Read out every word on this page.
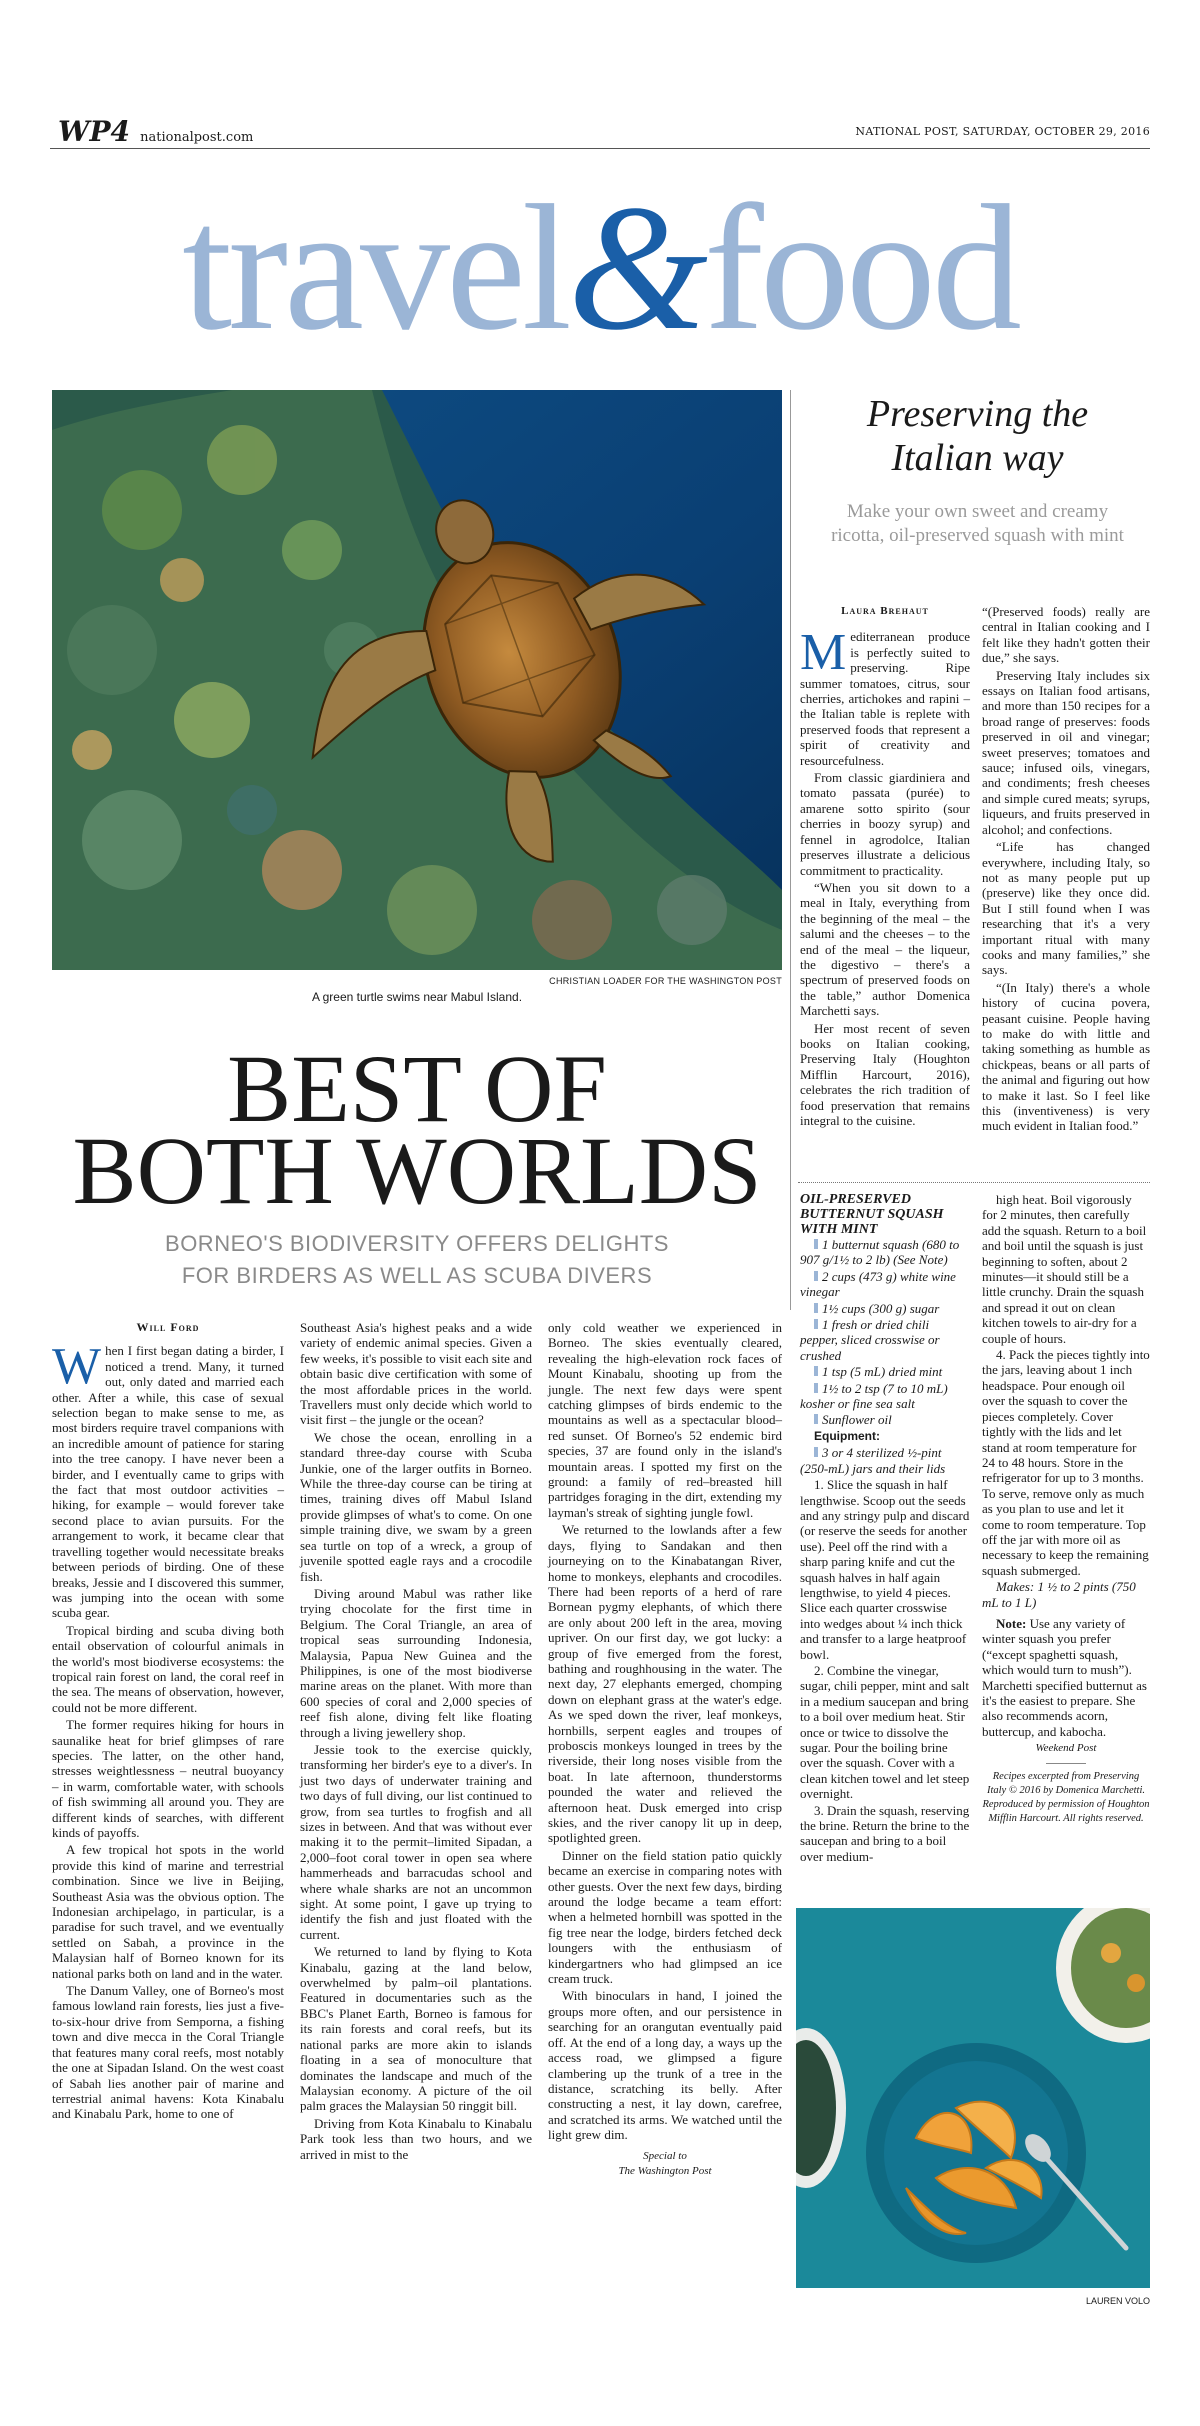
WP4 nationalpost.com	NATIONAL POST, SATURDAY, OCTOBER 29, 2016
travel&food
CHRISTIAN LOADER FOR THE WASHINGTON POST
A green turtle swims near Mabul Island.
BEST OF
BOTH WORLDS
BORNEO'S BIODIVERSITY OFFERS DELIGHTS
FOR BIRDERS AS WELL AS SCUBA DIVERS
Will Ford
W hen I first began dating a birder, I noticed a trend. Many, it turned out, only dated and married each other. After a while, this case of sexual selection began to make sense to me, as most birders require travel companions with an incredible amount of patience for staring into the tree canopy. I have never been a birder, and I eventually came to grips with the fact that most outdoor activities – hiking, for example – would forever take second place to avian pursuits. For the arrangement to work, it became clear that travelling together would necessitate breaks between periods of birding. One of these breaks, Jessie and I discovered this summer, was jumping into the ocean with some scuba gear.

Tropical birding and scuba diving both entail observation of colourful animals in the world's most biodiverse ecosystems: the tropical rain forest on land, the coral reef in the sea. The means of observation, however, could not be more different.

The former requires hiking for hours in saunalike heat for brief glimpses of rare species. The latter, on the other hand, stresses weightlessness – neutral buoyancy – in warm, comfortable water, with schools of fish swimming all around you. They are different kinds of searches, with different kinds of payoffs.

A few tropical hot spots in the world provide this kind of marine and terrestrial combination. Since we live in Beijing, Southeast Asia was the obvious option. The Indonesian archipelago, in particular, is a paradise for such travel, and we eventually settled on Sabah, a province in the Malaysian half of Borneo known for its national parks both on land and in the water.

The Danum Valley, one of Borneo's most famous lowland rain forests, lies just a five-to-six-hour drive from Semporna, a fishing town and dive mecca in the Coral Triangle that features many coral reefs, most notably the one at Sipadan Island. On the west coast of Sabah lies another pair of marine and terrestrial animal havens: Kota Kinabalu and Kinabalu Park, home to one of

Southeast Asia's highest peaks and a wide variety of endemic animal species. Given a few weeks, it's possible to visit each site and obtain basic dive certification with some of the most affordable prices in the world. Travellers must only decide which world to visit first – the jungle or the ocean?

We chose the ocean, enrolling in a standard three-day course with Scuba Junkie, one of the larger outfits in Borneo. While the three-day course can be tiring at times, training dives off Mabul Island provide glimpses of what's to come. On one simple training dive, we swam by a green sea turtle on top of a wreck, a group of juvenile spotted eagle rays and a crocodile fish.

Diving around Mabul was rather like trying chocolate for the first time in Belgium. The Coral Triangle, an area of tropical seas surrounding Indonesia, Malaysia, Papua New Guinea and the Philippines, is one of the most biodiverse marine areas on the planet. With more than 600 species of coral and 2,000 species of reef fish alone, diving felt like floating through a living jewellery shop.

Jessie took to the exercise quickly, transforming her birder's eye to a diver's. In just two days of underwater training and two days of full diving, our list continued to grow, from sea turtles to frogfish and all sizes in between. And that was without ever making it to the permit–limited Sipadan, a 2,000–foot coral tower in open sea where hammerheads and barracudas school and where whale sharks are not an uncommon sight. At some point, I gave up trying to identify the fish and just floated with the current.

We returned to land by flying to Kota Kinabalu, gazing at the land below, overwhelmed by palm–oil plantations. Featured in documentaries such as the BBC's Planet Earth, Borneo is famous for its rain forests and coral reefs, but its national parks are more akin to islands floating in a sea of monoculture that dominates the landscape and much of the Malaysian economy. A picture of the oil palm graces the Malaysian 50 ringgit bill.

Driving from Kota Kinabalu to Kinabalu Park took less than two hours, and we arrived in mist to the

only cold weather we experienced in Borneo. The skies eventually cleared, revealing the high-elevation rock faces of Mount Kinabalu, shooting up from the jungle. The next few days were spent catching glimpses of birds endemic to the mountains as well as a spectacular blood–red sunset. Of Borneo's 52 endemic bird species, 37 are found only in the island's mountain areas. I spotted my first on the ground: a family of red–breasted hill partridges foraging in the dirt, extending my layman's streak of sighting jungle fowl.

We returned to the lowlands after a few days, flying to Sandakan and then journeying on to the Kinabatangan River, home to monkeys, elephants and crocodiles. There had been reports of a herd of rare Bornean pygmy elephants, of which there are only about 200 left in the area, moving upriver. On our first day, we got lucky: a group of five emerged from the forest, bathing and roughhousing in the water. The next day, 27 elephants emerged, chomping down on elephant grass at the water's edge. As we sped down the river, leaf monkeys, hornbills, serpent eagles and troupes of proboscis monkeys lounged in trees by the riverside, their long noses visible from the boat. In late afternoon, thunderstorms pounded the water and relieved the afternoon heat. Dusk emerged into crisp skies, and the river canopy lit up in deep, spotlighted green.

Dinner on the field station patio quickly became an exercise in comparing notes with other guests. Over the next few days, birding around the lodge became a team effort: when a helmeted hornbill was spotted in the fig tree near the lodge, birders fetched deck loungers with the enthusiasm of kindergartners who had glimpsed an ice cream truck.

With binoculars in hand, I joined the groups more often, and our persistence in searching for an orangutan eventually paid off. At the end of a long day, a ways up the access road, we glimpsed a figure clambering up the trunk of a tree in the distance, scratching its belly. After constructing a nest, it lay down, carefree, and scratched its arms. We watched until the light grew dim.

Special to
The Washington Post
Preserving the
Italian way
Make your own sweet and creamy ricotta, oil-preserved squash with mint
Laura Brehaut
M editerranean produce is perfectly suited to preserving. Ripe summer tomatoes, citrus, sour cherries, artichokes and rapini – the Italian table is replete with preserved foods that represent a spirit of creativity and resourcefulness.

From classic giardiniera and tomato passata (purée) to amarene sotto spirito (sour cherries in boozy syrup) and fennel in agrodolce, Italian preserves illustrate a delicious commitment to practicality.

“When you sit down to a meal in Italy, everything from the beginning of the meal – the salumi and the cheeses – to the end of the meal – the liqueur, the digestivo – there's a spectrum of preserved foods on the table,” author Domenica Marchetti says.

Her most recent of seven books on Italian cooking, Preserving Italy (Houghton Mifflin Harcourt, 2016), celebrates the rich tradition of food preservation that remains integral to the cuisine.

“(Preserved foods) really are central in Italian cooking and I felt like they hadn't gotten their due,” she says.

Preserving Italy includes six essays on Italian food artisans, and more than 150 recipes for a broad range of preserves: foods preserved in oil and vinegar; sweet preserves; tomatoes and sauce; infused oils, vinegars, and condiments; fresh cheeses and simple cured meats; syrups, liqueurs, and fruits preserved in alcohol; and confections.

“Life has changed everywhere, including Italy, so not as many people put up (preserve) like they once did. But I still found when I was researching that it's a very important ritual with many cooks and many families,” she says.

“(In Italy) there's a whole history of cucina povera, peasant cuisine. People having to make do with little and taking something as humble as chickpeas, beans or all parts of the animal and figuring out how to make it last. So I feel like this (inventiveness) is very much evident in Italian food.”

OIL-PRESERVED BUTTERNUT SQUASH WITH MINT

1 butternut squash (680 to 907 g/1½ to 2 lb) (See Note)

2 cups (473 g) white wine vinegar

1½ cups (300 g) sugar

1 fresh or dried chili pepper, sliced crosswise or crushed

1 tsp (5 mL) dried mint

1½ to 2 tsp (7 to 10 mL) kosher or fine sea salt

Sunflower oil

Equipment:

3 or 4 sterilized ½-pint (250-mL) jars and their lids

1. Slice the squash in half lengthwise. Scoop out the seeds and any stringy pulp and discard (or reserve the seeds for another use). Peel off the rind with a sharp paring knife and cut the squash halves in half again lengthwise, to yield 4 pieces. Slice each quarter crosswise into wedges about ¼ inch thick and transfer to a large heatproof bowl.

2. Combine the vinegar, sugar, chili pepper, mint and salt in a medium saucepan and bring to a boil over medium heat. Stir once or twice to dissolve the sugar. Pour the boiling brine over the squash. Cover with a clean kitchen towel and let steep overnight.

3. Drain the squash, reserving the brine. Return the brine to the saucepan and bring to a boil over medium-

high heat. Boil vigorously for 2 minutes, then carefully add the squash. Return to a boil and boil until the squash is just beginning to soften, about 2 minutes—it should still be a little crunchy. Drain the squash and spread it out on clean kitchen towels to air-dry for a couple of hours.

4. Pack the pieces tightly into the jars, leaving about 1 inch headspace. Pour enough oil over the squash to cover the pieces completely. Cover tightly with the lids and let stand at room temperature for 24 to 48 hours. Store in the refrigerator for up to 3 months. To serve, remove only as much as you plan to use and let it come to room temperature. Top off the jar with more oil as necessary to keep the remaining squash submerged.

Makes: 1 ½ to 2 pints (750 mL to 1 L)

Note: Use any variety of winter squash you prefer (“except spaghetti squash, which would turn to mush”). Marchetti specified butternut as it's the easiest to prepare. She also recommends acorn, buttercup, and kabocha.

Weekend Post
Recipes excerpted from Preserving Italy © 2016 by Domenica Marchetti. Reproduced by permission of Houghton Mifflin Harcourt. All rights reserved.
LAUREN VOLO
